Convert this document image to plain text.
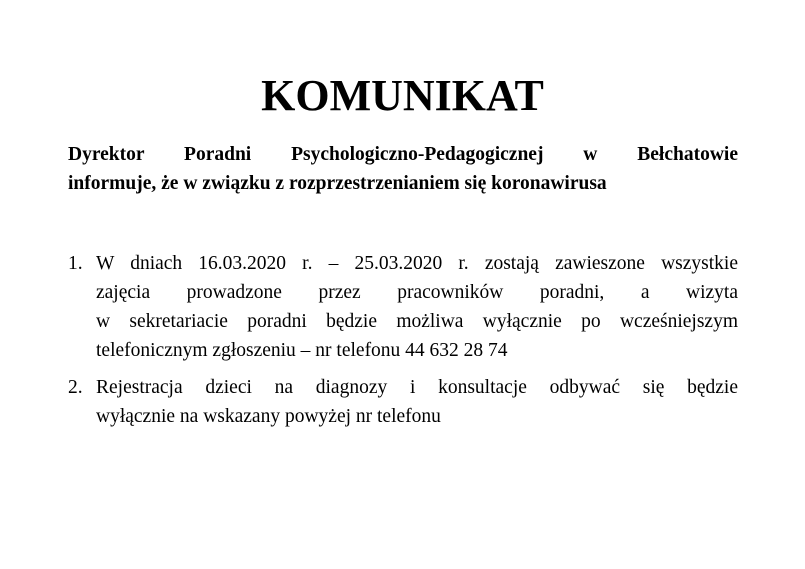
KOMUNIKAT

Dyrektor Poradni Psychologiczno-Pedagogicznej w Bełchatowie
informuje, że w związku z rozprzestrzenianiem się koronawirusa

1. W dniach 16.03.2020 r. – 25.03.2020 r. zostają zawieszone wszystkie
zajęcia prowadzone przez pracowników poradni, a wizyta
w sekretariacie poradni będzie możliwa wyłącznie po wcześniejszym
telefonicznym zgłoszeniu – nr telefonu 44 632 28 74
2. Rejestracja dzieci na diagnozy i konsultacje odbywać się będzie
wyłącznie na wskazany powyżej nr telefonu
